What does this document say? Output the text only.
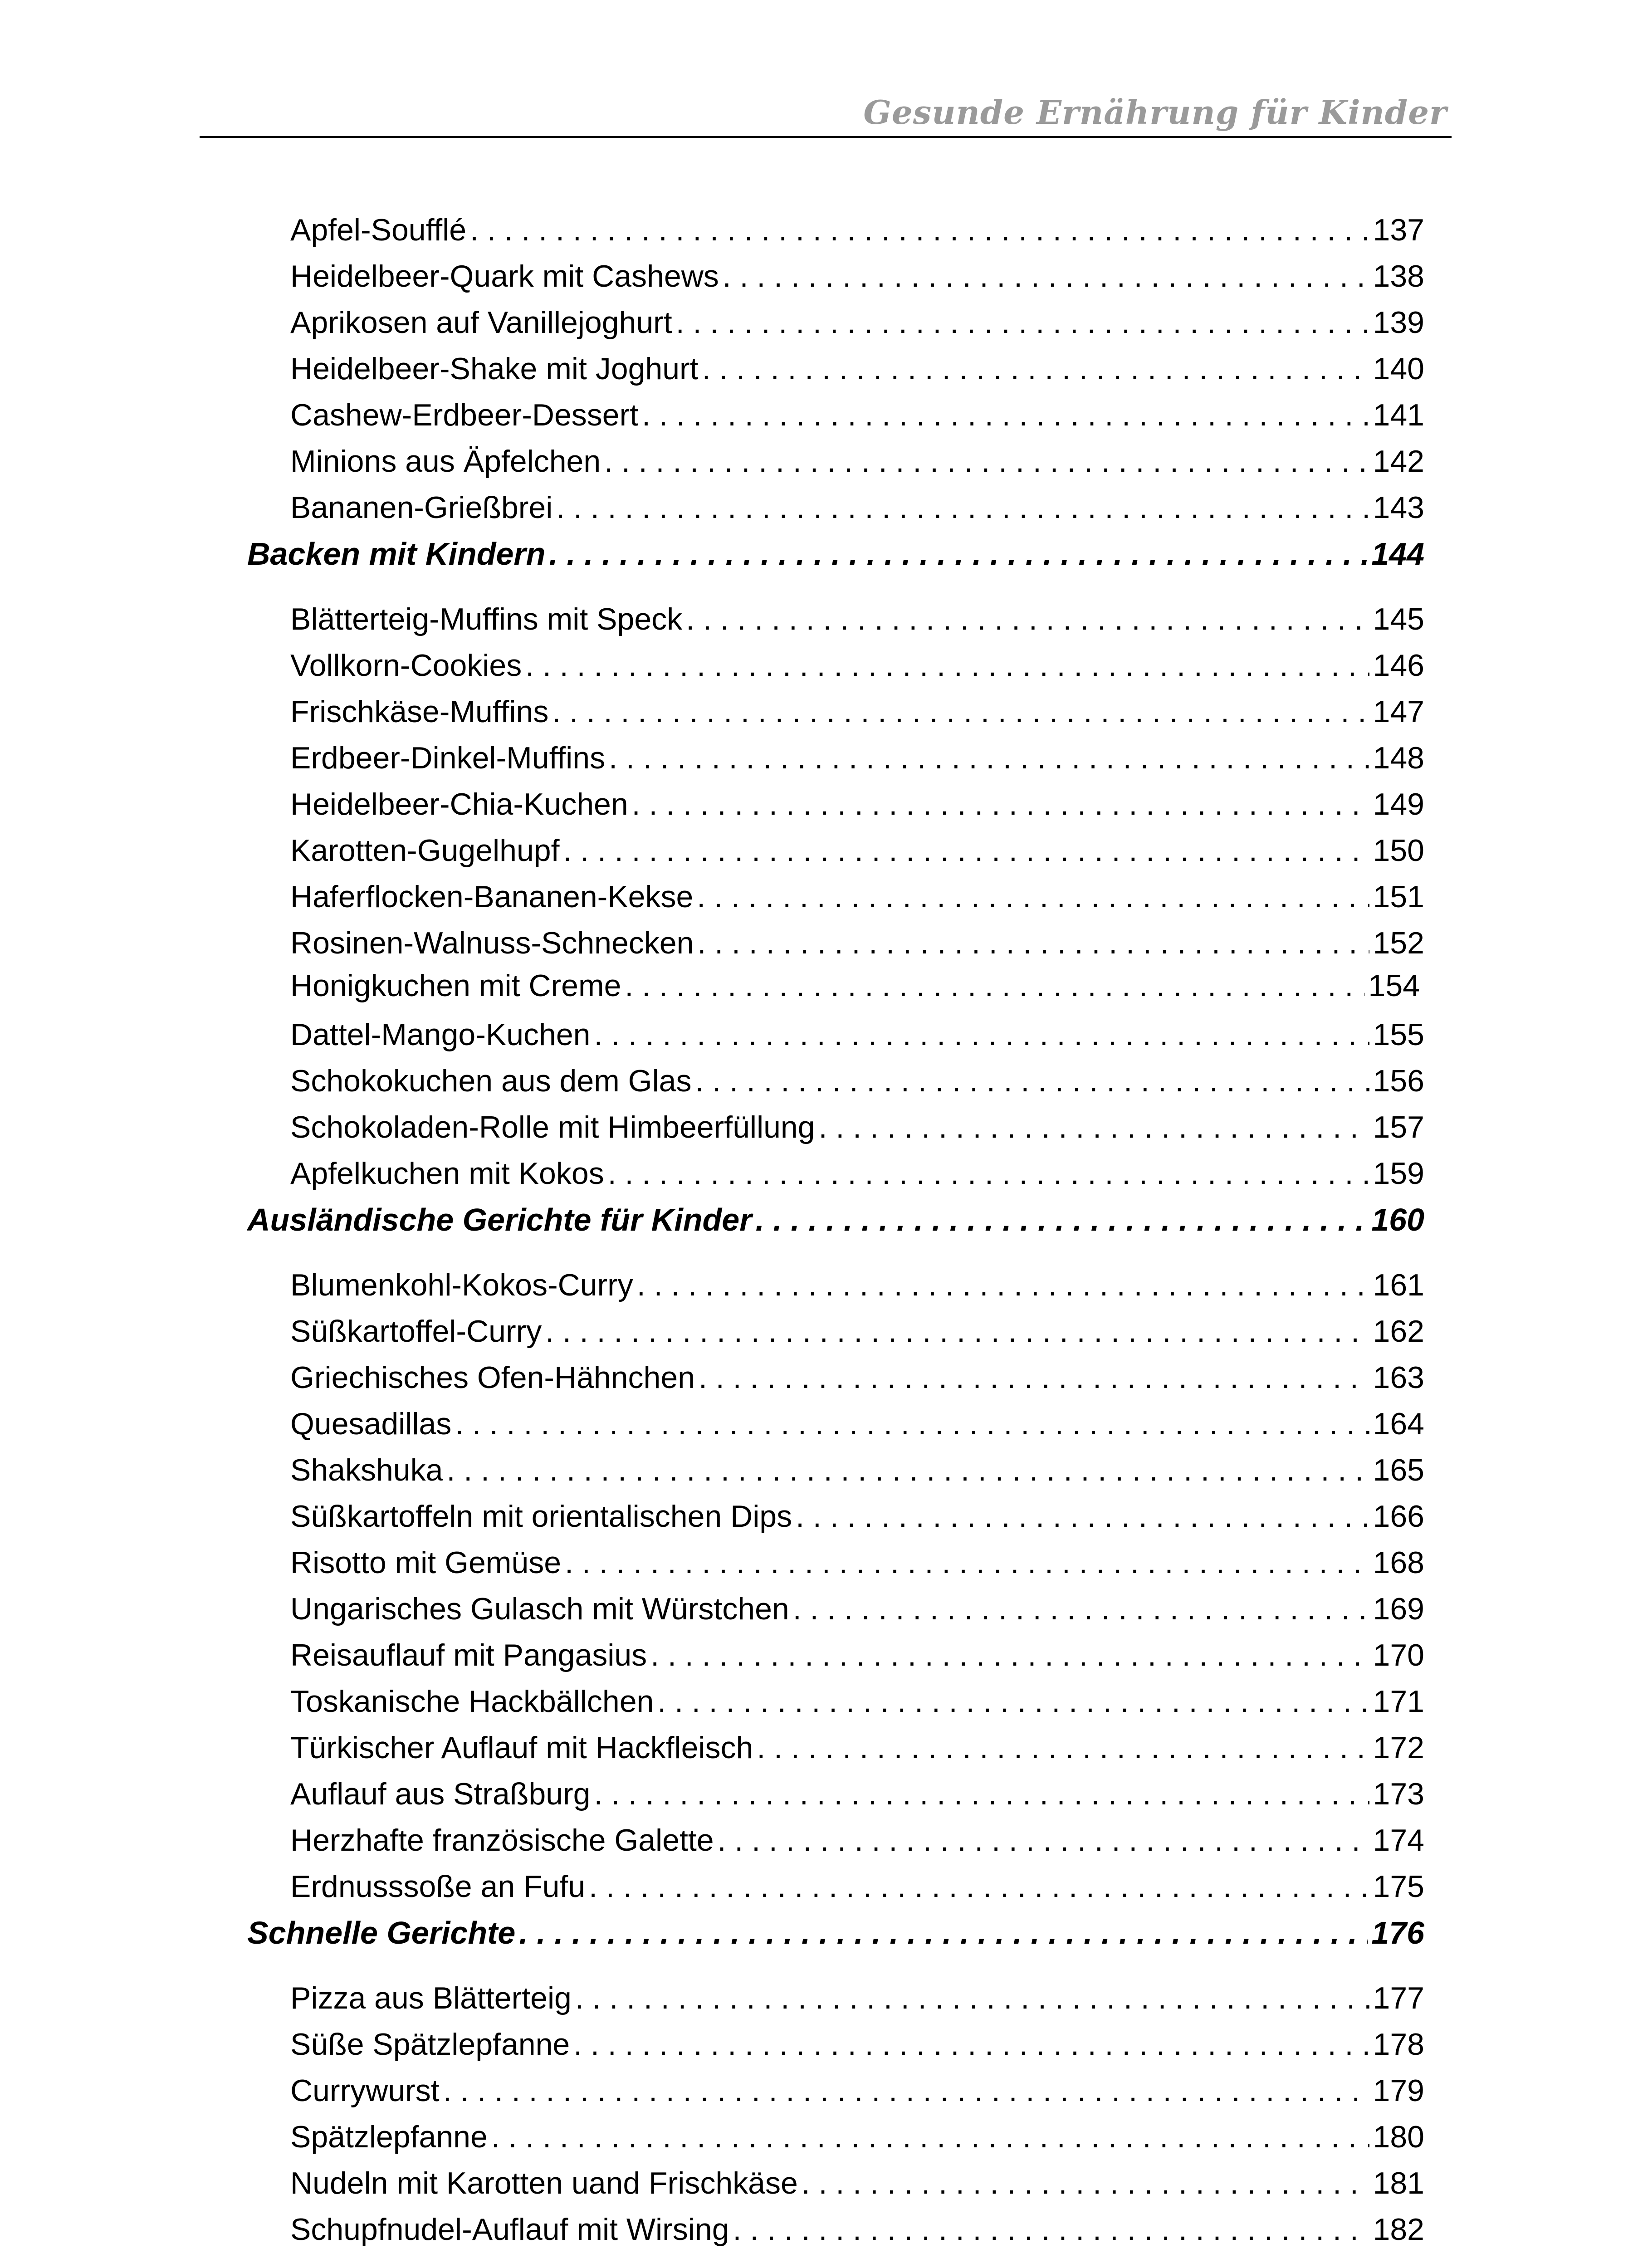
Gesunde Ernährung für Kinder
Apfel-Soufflé . . .	137
Heidelbeer-Quark mit Cashews . . .	138
Aprikosen auf Vanillejoghurt . . .	139
Heidelbeer-Shake mit Joghurt . . .	140
Cashew-Erdbeer-Dessert . . .	141
Minions aus Äpfelchen . . .	142
Bananen-Grießbrei . . .	143
Backen mit Kindern . . .	144
Blätterteig-Muffins mit Speck . . .	145
Vollkorn-Cookies . . .	146
Frischkäse-Muffins . . .	147
Erdbeer-Dinkel-Muffins . . .	148
Heidelbeer-Chia-Kuchen . . .	149
Karotten-Gugelhupf . . .	150
Haferflocken-Bananen-Kekse . . .	151
Rosinen-Walnuss-Schnecken . . .	152
Honigkuchen mit Creme . . .	154
Dattel-Mango-Kuchen . . .	155
Schokokuchen aus dem Glas . . .	156
Schokoladen-Rolle mit Himbeerfüllung . . .	157
Apfelkuchen mit Kokos . . .	159
Ausländische Gerichte für Kinder . . .	160
Blumenkohl-Kokos-Curry . . .	161
Süßkartoffel-Curry . . .	162
Griechisches Ofen-Hähnchen . . .	163
Quesadillas . . .	164
Shakshuka . . .	165
Süßkartoffeln mit orientalischen Dips . . .	166
Risotto mit Gemüse . . .	168
Ungarisches Gulasch mit Würstchen . . .	169
Reisauflauf mit Pangasius . . .	170
Toskanische Hackbällchen . . .	171
Türkischer Auflauf mit Hackfleisch . . .	172
Auflauf aus Straßburg . . .	173
Herzhafte französische Galette . . .	174
Erdnusssoße an Fufu . . .	175
Schnelle Gerichte . . .	176
Pizza aus Blätterteig . . .	177
Süße Spätzlepfanne . . .	178
Currywurst . . .	179
Spätzlepfanne . . .	180
Nudeln mit Karotten uand Frischkäse . . .	181
Schupfnudel-Auflauf mit Wirsing . . .	182
